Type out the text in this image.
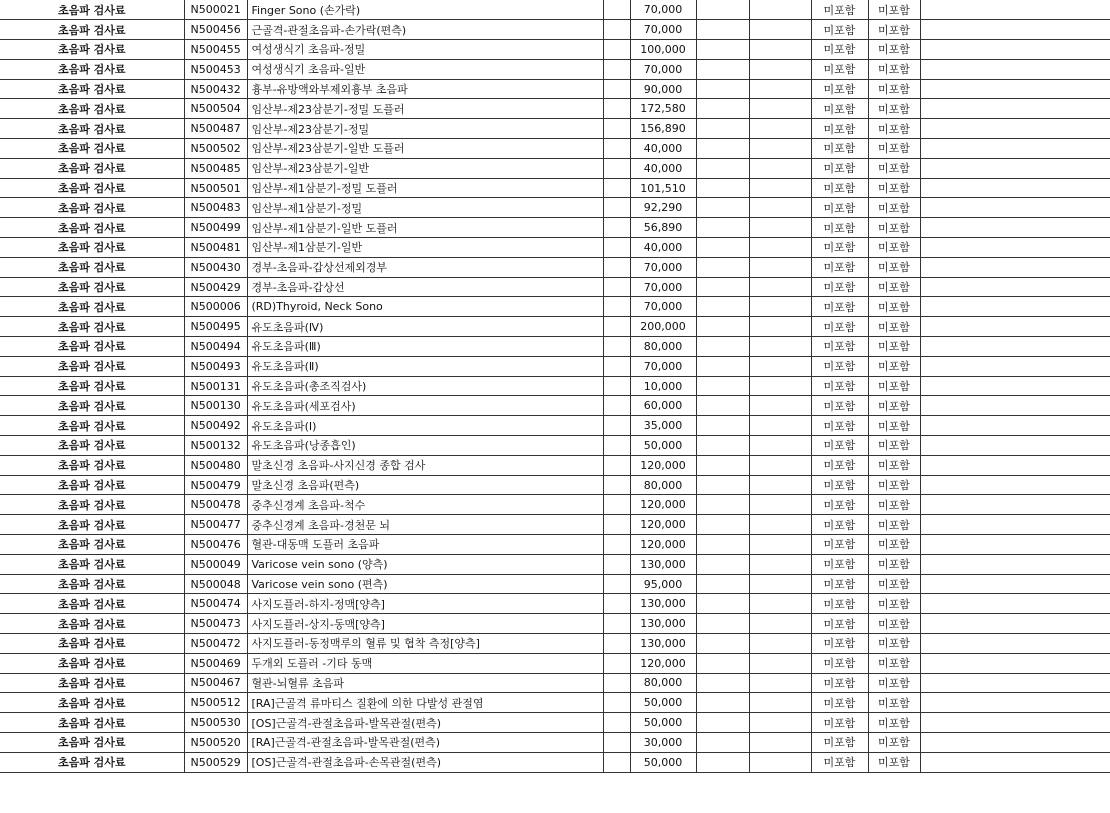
초음파 검사료	N500021	Finger Sono (손가락)		70,000			미포함	미포함	
초음파 검사료	N500456	근골격-관절초음파-손가락(편측)		70,000			미포함	미포함	
초음파 검사료	N500455	여성생식기 초음파-정밀		100,000			미포함	미포함	
초음파 검사료	N500453	여성생식기 초음파-일반		70,000			미포함	미포함	
초음파 검사료	N500432	흉부-유방액와부제외흉부 초음파		90,000			미포함	미포함	
초음파 검사료	N500504	임산부-제23삼분기-정밀 도플러		172,580			미포함	미포함	
초음파 검사료	N500487	임산부-제23삼분기-정밀		156,890			미포함	미포함	
초음파 검사료	N500502	임산부-제23삼분기-일반 도플러		40,000			미포함	미포함	
초음파 검사료	N500485	임산부-제23삼분기-일반		40,000			미포함	미포함	
초음파 검사료	N500501	임산부-제1삼분기-정밀 도플러		101,510			미포함	미포함	
초음파 검사료	N500483	임산부-제1삼분기-정밀		92,290			미포함	미포함	
초음파 검사료	N500499	임산부-제1삼분기-일반 도플러		56,890			미포함	미포함	
초음파 검사료	N500481	임산부-제1삼분기-일반		40,000			미포함	미포함	
초음파 검사료	N500430	경부-초음파-갑상선제외경부		70,000			미포함	미포함	
초음파 검사료	N500429	경부-초음파-갑상선		70,000			미포함	미포함	
초음파 검사료	N500006	(RD)Thyroid, Neck Sono		70,000			미포함	미포함	
초음파 검사료	N500495	유도초음파(Ⅳ)		200,000			미포함	미포함	
초음파 검사료	N500494	유도초음파(Ⅲ)		80,000			미포함	미포함	
초음파 검사료	N500493	유도초음파(Ⅱ)		70,000			미포함	미포함	
초음파 검사료	N500131	유도초음파(총조직검사)		10,000			미포함	미포함	
초음파 검사료	N500130	유도초음파(세포검사)		60,000			미포함	미포함	
초음파 검사료	N500492	유도초음파(Ⅰ)		35,000			미포함	미포함	
초음파 검사료	N500132	유도초음파(낭종흡인)		50,000			미포함	미포함	
초음파 검사료	N500480	말초신경 초음파-사지신경 종합 검사		120,000			미포함	미포함	
초음파 검사료	N500479	말초신경 초음파(편측)		80,000			미포함	미포함	
초음파 검사료	N500478	중추신경계 초음파-척수		120,000			미포함	미포함	
초음파 검사료	N500477	중추신경계 초음파-경천문 뇌		120,000			미포함	미포함	
초음파 검사료	N500476	혈관-대동맥 도플러 초음파		120,000			미포함	미포함	
초음파 검사료	N500049	Varicose vein sono (양측)		130,000			미포함	미포함	
초음파 검사료	N500048	Varicose vein sono (편측)		95,000			미포함	미포함	
초음파 검사료	N500474	사지도플러-하지-정맥[양측]		130,000			미포함	미포함	
초음파 검사료	N500473	사지도플러-상지-동맥[양측]		130,000			미포함	미포함	
초음파 검사료	N500472	사지도플러-동정맥루의 혈류 및 협착 측정[양측]		130,000			미포함	미포함	
초음파 검사료	N500469	두개외 도플러 -기타 동맥		120,000			미포함	미포함	
초음파 검사료	N500467	혈관-뇌혈류 초음파		80,000			미포함	미포함	
초음파 검사료	N500512	[RA]근골격 류마티스 질환에 의한 다발성 관절염		50,000			미포함	미포함	
초음파 검사료	N500530	[OS]근골격-관절초음파-발목관절(편측)		50,000			미포함	미포함	
초음파 검사료	N500520	[RA]근골격-관절초음파-발목관절(편측)		30,000			미포함	미포함	
초음파 검사료	N500529	[OS]근골격-관절초음파-손목관절(편측)		50,000			미포함	미포함	
